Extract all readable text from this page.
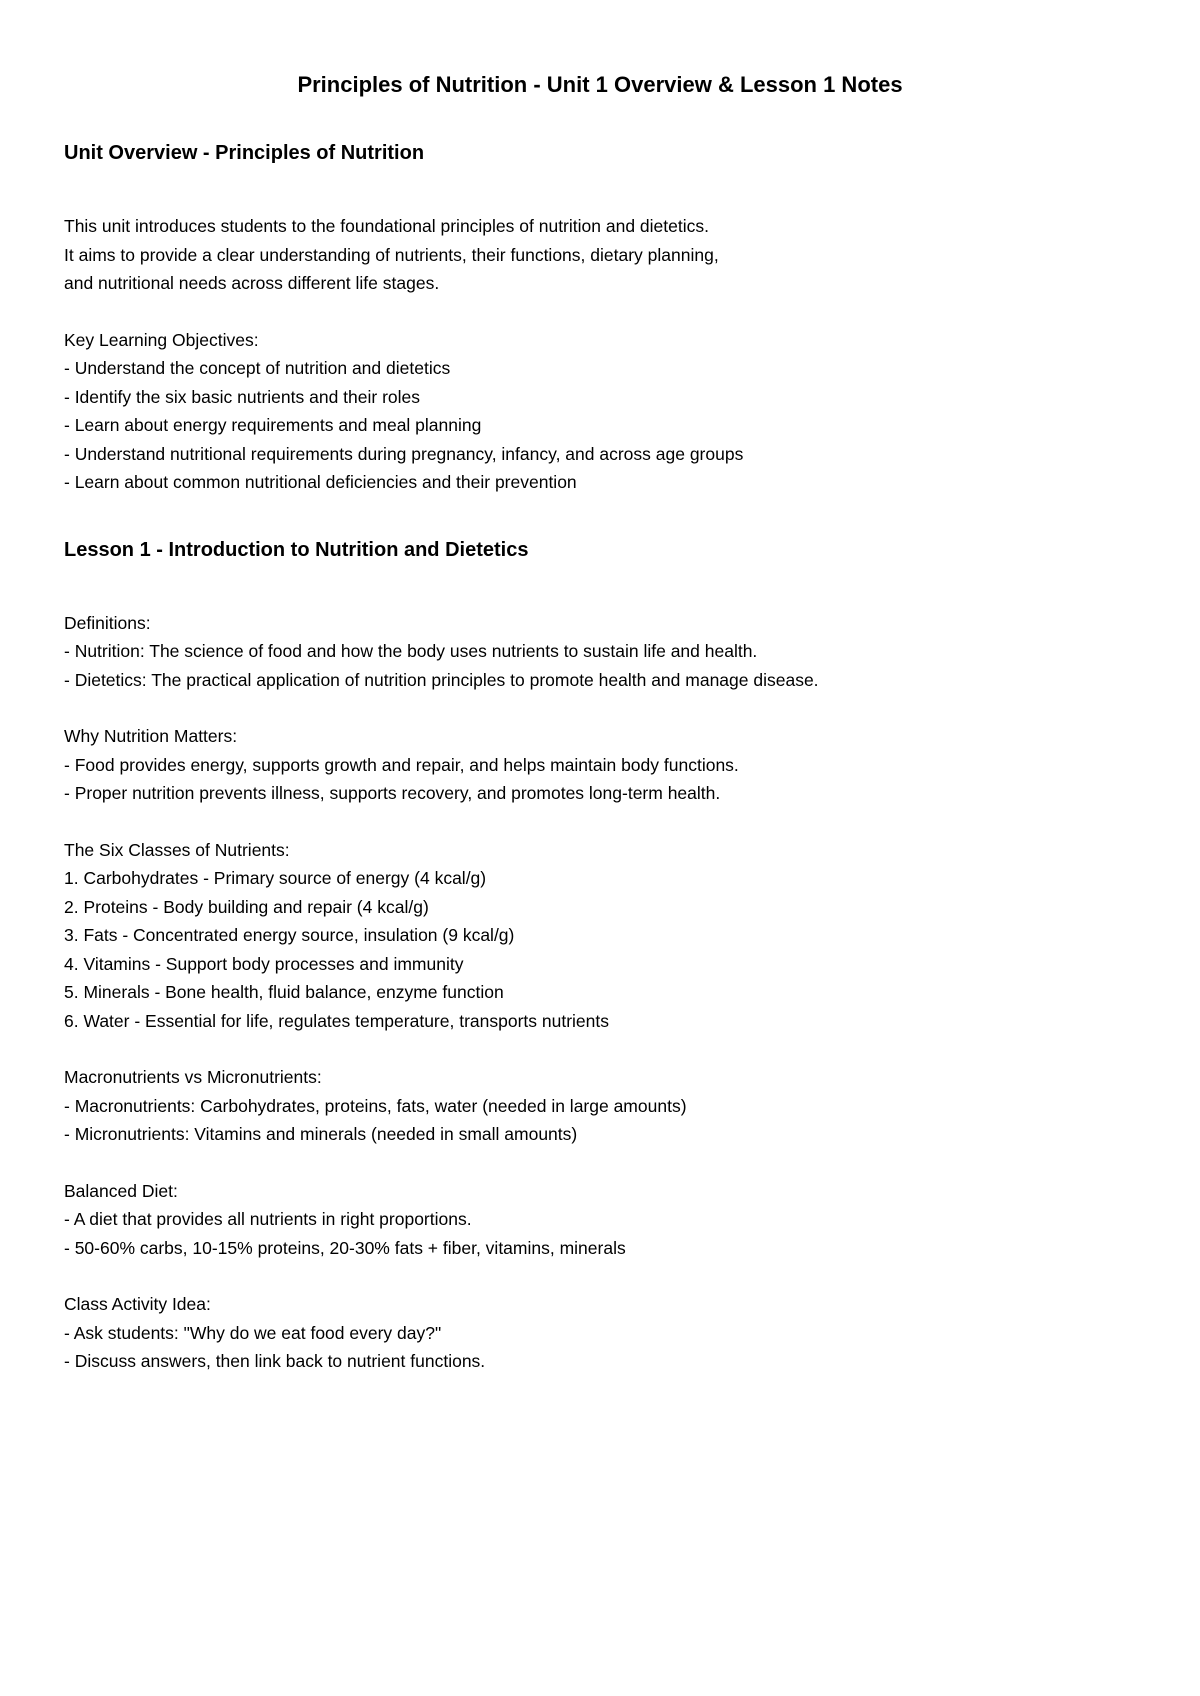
Principles of Nutrition - Unit 1 Overview & Lesson 1 Notes
Unit Overview - Principles of Nutrition

This unit introduces students to the foundational principles of nutrition and dietetics.
It aims to provide a clear understanding of nutrients, their functions, dietary planning,
and nutritional needs across different life stages.

Key Learning Objectives:

- Understand the concept of nutrition and dietetics
- Identify the six basic nutrients and their roles
- Learn about energy requirements and meal planning
- Understand nutritional requirements during pregnancy, infancy, and across age groups
- Learn about common nutritional deficiencies and their prevention
Lesson 1 - Introduction to Nutrition and Dietetics

Definitions:

- Nutrition: The science of food and how the body uses nutrients to sustain life and health.
- Dietetics: The practical application of nutrition principles to promote health and manage disease.

Why Nutrition Matters:

- Food provides energy, supports growth and repair, and helps maintain body functions.
- Proper nutrition prevents illness, supports recovery, and promotes long-term health.

The Six Classes of Nutrients:

1. Carbohydrates - Primary source of energy (4 kcal/g)
2. Proteins - Body building and repair (4 kcal/g)
3. Fats - Concentrated energy source, insulation (9 kcal/g)
4. Vitamins - Support body processes and immunity
5. Minerals - Bone health, fluid balance, enzyme function
6. Water - Essential for life, regulates temperature, transports nutrients

Macronutrients vs Micronutrients:

- Macronutrients: Carbohydrates, proteins, fats, water (needed in large amounts)
- Micronutrients: Vitamins and minerals (needed in small amounts)

Balanced Diet:

- A diet that provides all nutrients in right proportions.
- 50-60% carbs, 10-15% proteins, 20-30% fats + fiber, vitamins, minerals

Class Activity Idea:

- Ask students: "Why do we eat food every day?"
- Discuss answers, then link back to nutrient functions.
